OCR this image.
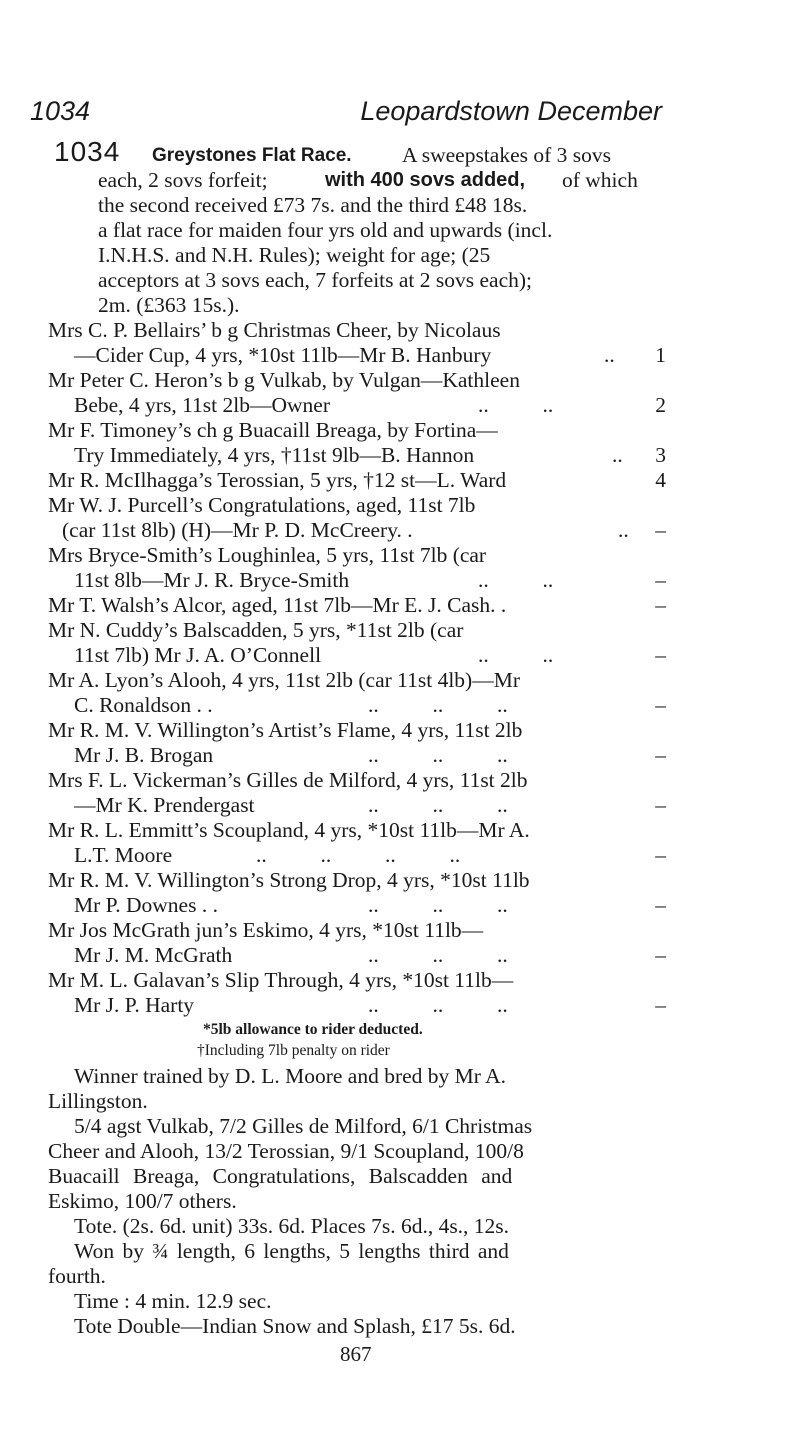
1034	Leopardstown December
1034 Greystones Flat Race. A sweepstakes of 3 sovs
each, 2 sovs forfeit;	with 400 sovs added, of which
the second received £73 7s. and the third £48 18s.
a flat race for maiden four yrs old and upwards (incl.
I.N.H.S. and N.H. Rules); weight for age; (25
acceptors at 3 sovs each, 7 forfeits at 2 sovs each);
2m. (£363 15s.).
Mrs C. P. Bellairs’ b g Christmas Cheer, by Nicolaus
—Cider Cup, 4 yrs, *10st 11lb—Mr B. Hanbury	.. 1
Mr Peter C. Heron’s b g Vulkab, by Vulgan—Kathleen
Bebe, 4 yrs, 11st 2lb—Owner	..          ..	2
Mr F. Timoney’s ch g Buacaill Breaga, by Fortina—
Try Immediately, 4 yrs, †11st 9lb—B. Hannon	.. 3
Mr R. McIlhagga’s Terossian, 5 yrs, †12 st—L. Ward	4
Mr W. J. Purcell’s Congratulations, aged, 11st 7lb
(car 11st 8lb) (H)—Mr P. D. McCreery. .	.. –
Mrs Bryce-Smith’s Loughinlea, 5 yrs, 11st 7lb (car
11st 8lb—Mr J. R. Bryce-Smith	..          ..	–
Mr T. Walsh’s Alcor, aged, 11st 7lb—Mr E. J. Cash. .	–
Mr N. Cuddy’s Balscadden, 5 yrs, *11st 2lb (car
11st 7lb) Mr J. A. O’Connell	..          ..	–
Mr A. Lyon’s Alooh, 4 yrs, 11st 2lb (car 11st 4lb)—Mr
C. Ronaldson . .	..          ..          ..	–
Mr R. M. V. Willington’s Artist’s Flame, 4 yrs, 11st 2lb
Mr J. B. Brogan	..          ..          ..	–
Mrs F. L. Vickerman’s Gilles de Milford, 4 yrs, 11st 2lb
—Mr K. Prendergast	..          ..          ..	–
Mr R. L. Emmitt’s Scoupland, 4 yrs, *10st 11lb—Mr A.
L.T. Moore	..          ..          ..          ..	–
Mr R. M. V. Willington’s Strong Drop, 4 yrs, *10st 11lb
Mr P. Downes . .	..          ..          ..	–
Mr Jos McGrath jun’s Eskimo, 4 yrs, *10st 11lb—
Mr J. M. McGrath	..          ..          ..	–
Mr M. L. Galavan’s Slip Through, 4 yrs, *10st 11lb—
Mr J. P. Harty	..          ..          ..	–
*5lb allowance to rider deducted.
†Including 7lb penalty on rider
Winner trained by D. L. Moore and bred by Mr A.
Lillingston.
5/4 agst Vulkab, 7/2 Gilles de Milford, 6/1 Christmas
Cheer and Alooh, 13/2 Terossian, 9/1 Scoupland, 100/8
Buacaill Breaga, Congratulations, Balscadden and
Eskimo, 100/7 others.
Tote. (2s. 6d. unit) 33s. 6d. Places 7s. 6d., 4s., 12s.
Won by ¾ length, 6 lengths, 5 lengths third and
fourth.
Time : 4 min. 12.9 sec.
Tote Double—Indian Snow and Splash, £17 5s. 6d.
867
